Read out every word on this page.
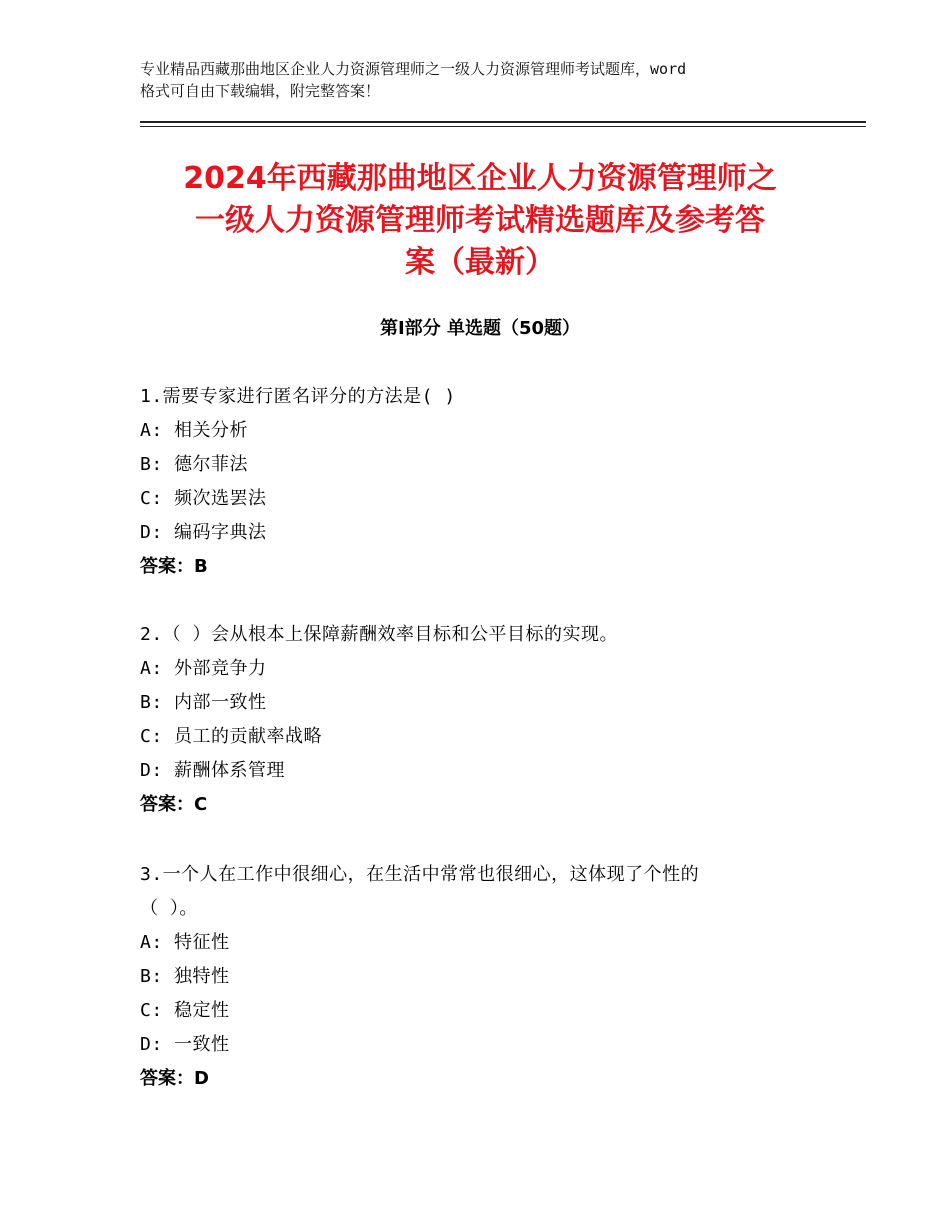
专业精品西藏那曲地区企业人力资源管理师之一级人力资源管理师考试题库，word
格式可自由下载编辑，附完整答案！
2024年西藏那曲地区企业人力资源管理师之
一级人力资源管理师考试精选题库及参考答
案（最新）
第Ⅰ部分 单选题（50题）

1.需要专家进行匿名评分的方法是( )

A: 相关分析

B: 德尔菲法

C: 频次选罢法

D: 编码字典法

答案：B

2.（ ）会从根本上保障薪酬效率目标和公平目标的实现。

A: 外部竞争力

B: 内部一致性

C: 员工的贡献率战略

D: 薪酬体系管理

答案：C

3.一个人在工作中很细心，在生活中常常也很细心，这体现了个性的

（ ）。

A: 特征性

B: 独特性

C: 稳定性

D: 一致性

答案：D
